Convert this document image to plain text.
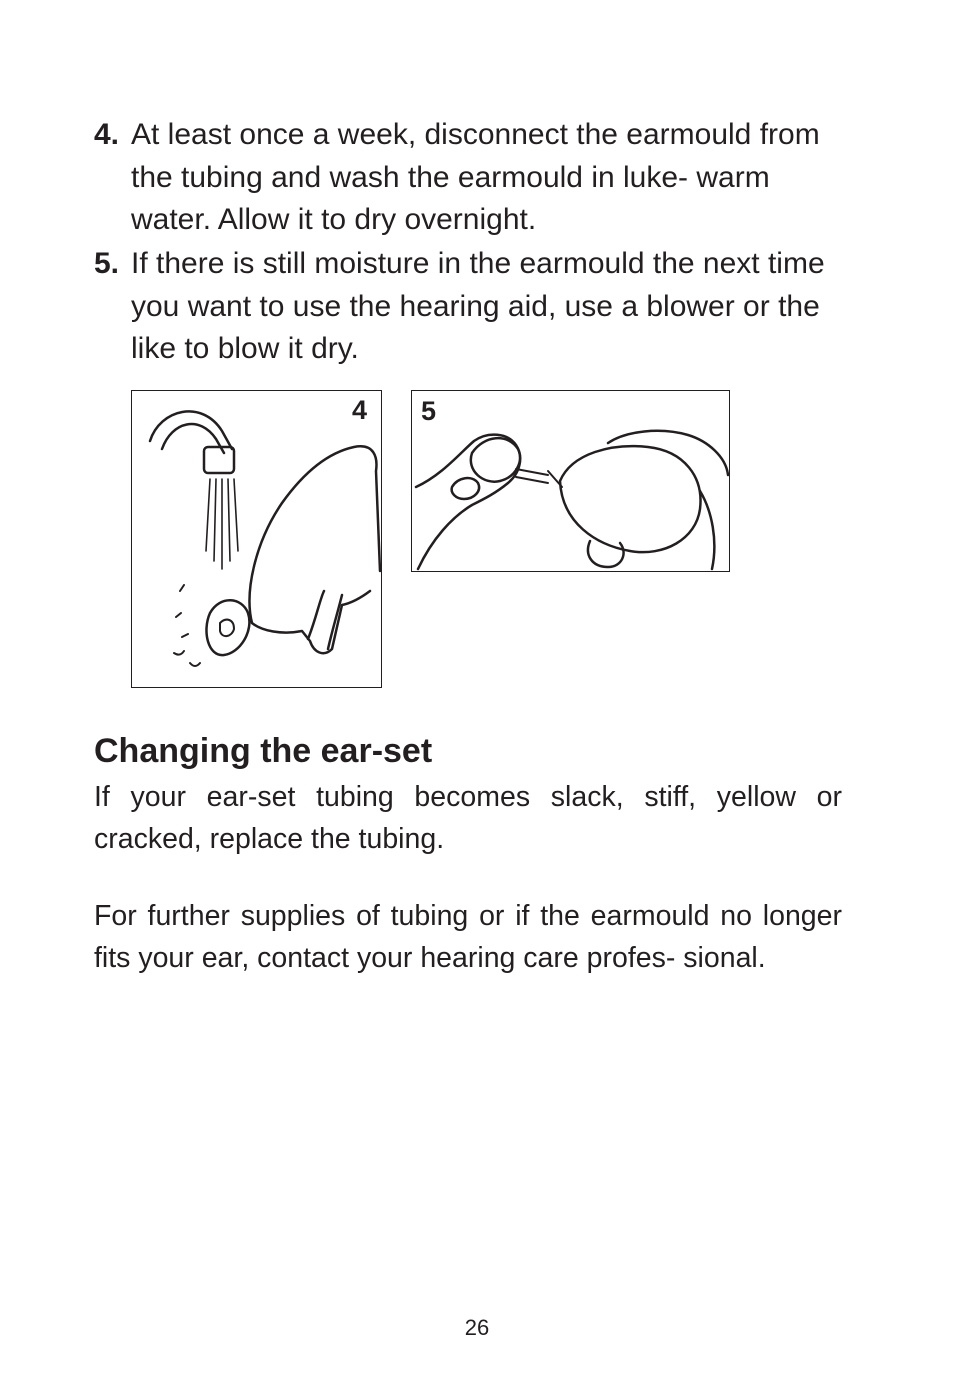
4. At least once a week, disconnect the earmould from the tubing and wash the earmould in luke- warm water. Allow it to dry overnight.
5. If there is still moisture in the earmould the next time you want to use the hearing aid, use a blower or the like to blow it dry.
4 5
Changing the ear-set

If your ear-set tubing becomes slack, stiff, yellow or cracked, replace the tubing.

For further supplies of tubing or if the earmould no longer fits your ear, contact your hearing care profes- sional.

26
